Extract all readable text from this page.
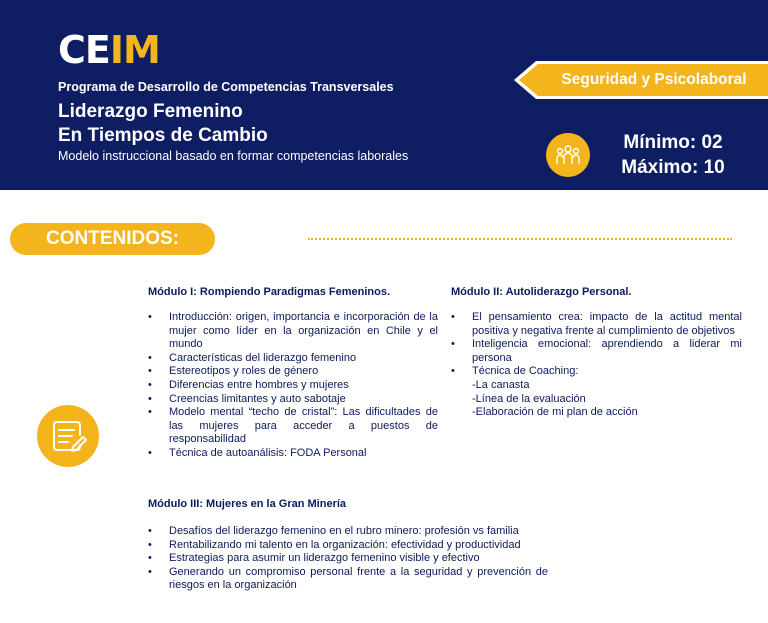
CEIM
Programa de Desarrollo de Competencias Transversales
Liderazgo Femenino
En Tiempos de Cambio
Modelo instruccional basado en formar competencias laborales
Seguridad y Psicolaboral
Mínimo: 02
Máximo: 10
CONTENIDOS:
Módulo I: Rompiendo Paradigmas Femeninos.
• Introducción: origen, importancia e incorporación de la mujer como líder en la organización en Chile y el mundo
• Características del liderazgo femenino
• Estereotipos y roles de género
• Diferencias entre hombres y mujeres
• Creencias limitantes y auto sabotaje
• Modelo mental “techo de cristal”: Las dificultades de las mujeres para acceder a puestos de responsabilidad
• Técnica de autoanálisis: FODA Personal
Módulo II: Autoliderazgo Personal.
• El pensamiento crea: impacto de la actitud mental positiva y negativa frente al cumplimiento de objetivos
• Inteligencia emocional: aprendiendo a liderar mi persona
• Técnica de Coaching:
-La canasta
-Línea de la evaluación
-Elaboración de mi plan de acción
Módulo III: Mujeres en la Gran Minería
• Desafíos del liderazgo femenino en el rubro minero: profesión vs familia
• Rentabilizando mi talento en la organización: efectividad y productividad
• Estrategias para asumir un liderazgo femenino visible y efectivo
• Generando un compromiso personal frente a la seguridad y prevención de riesgos en la organización
